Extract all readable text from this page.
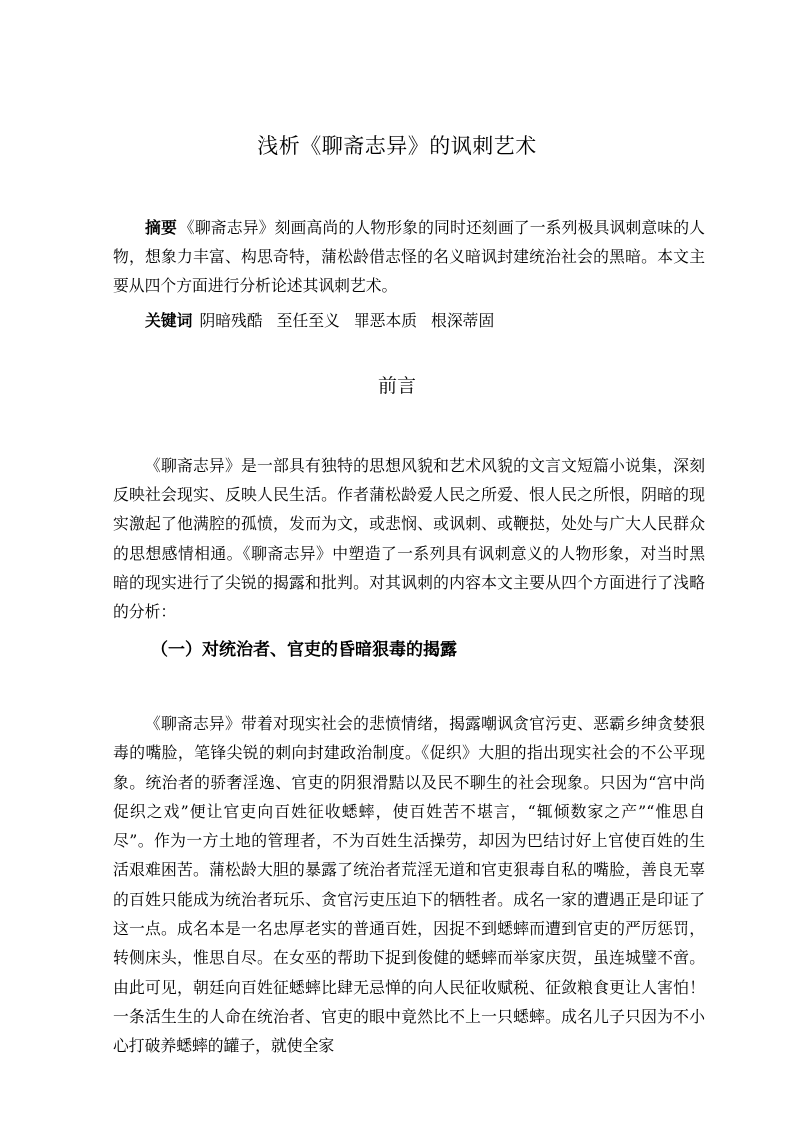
浅析《聊斋志异》的讽刺艺术

摘要 《聊斋志异》刻画高尚的人物形象的同时还刻画了一系列极具讽刺意味的人物，想象力丰富、构思奇特，蒲松龄借志怪的名义暗讽封建统治社会的黑暗。本文主要从四个方面进行分析论述其讽刺艺术。

关键词 阴暗残酷 至任至义 罪恶本质 根深蒂固

前言

《聊斋志异》是一部具有独特的思想风貌和艺术风貌的文言文短篇小说集，深刻反映社会现实、反映人民生活。作者蒲松龄爱人民之所爱、恨人民之所恨，阴暗的现实激起了他满腔的孤愤，发而为文，或悲悯、或讽刺、或鞭挞，处处与广大人民群众的思想感情相通。《聊斋志异》中塑造了一系列具有讽刺意义的人物形象，对当时黑暗的现实进行了尖锐的揭露和批判。对其讽刺的内容本文主要从四个方面进行了浅略的分析：

（一）对统治者、官吏的昏暗狠毒的揭露

《聊斋志异》带着对现实社会的悲愤情绪，揭露嘲讽贪官污吏、恶霸乡绅贪婪狠毒的嘴脸，笔锋尖锐的刺向封建政治制度。《促织》大胆的指出现实社会的不公平现象。统治者的骄奢淫逸、官吏的阴狠滑黠以及民不聊生的社会现象。只因为“宫中尚促织之戏”便让官吏向百姓征收蟋蟀，使百姓苦不堪言，“辄倾数家之产”“惟思自尽”。作为一方土地的管理者，不为百姓生活操劳，却因为巴结讨好上官使百姓的生活艰难困苦。蒲松龄大胆的暴露了统治者荒淫无道和官吏狠毒自私的嘴脸，善良无辜的百姓只能成为统治者玩乐、贪官污吏压迫下的牺牲者。成名一家的遭遇正是印证了这一点。成名本是一名忠厚老实的普通百姓，因捉不到蟋蟀而遭到官吏的严厉惩罚，转侧床头，惟思自尽。在女巫的帮助下捉到俊健的蟋蟀而举家庆贺，虽连城璧不啻。由此可见，朝廷向百姓征蟋蟀比肆无忌惮的向人民征收赋税、征敛粮食更让人害怕！一条活生生的人命在统治者、官吏的眼中竟然比不上一只蟋蟀。成名儿子只因为不小心打破养蟋蟀的罐子，就使全家
